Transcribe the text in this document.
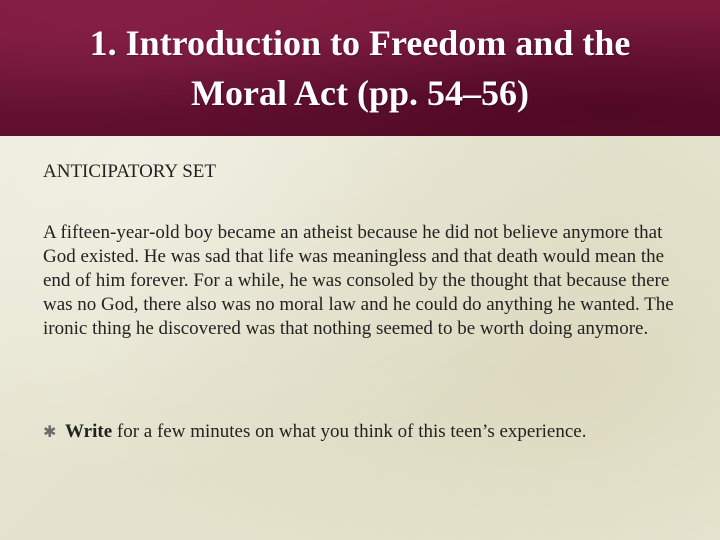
1. Introduction to Freedom and the
Moral Act (pp. 54–56)

ANTICIPATORY SET

A fifteen‑year‑old boy became an atheist because he did not believe anymore that God existed. He was sad that life was meaningless and that death would mean the end of him forever. For a while, he was consoled by the thought that because there was no God, there also was no moral law and he could do anything he wanted. The ironic thing he discovered was that nothing seemed to be worth doing anymore.

✱ Write for a few minutes on what you think of this teen’s experience.
